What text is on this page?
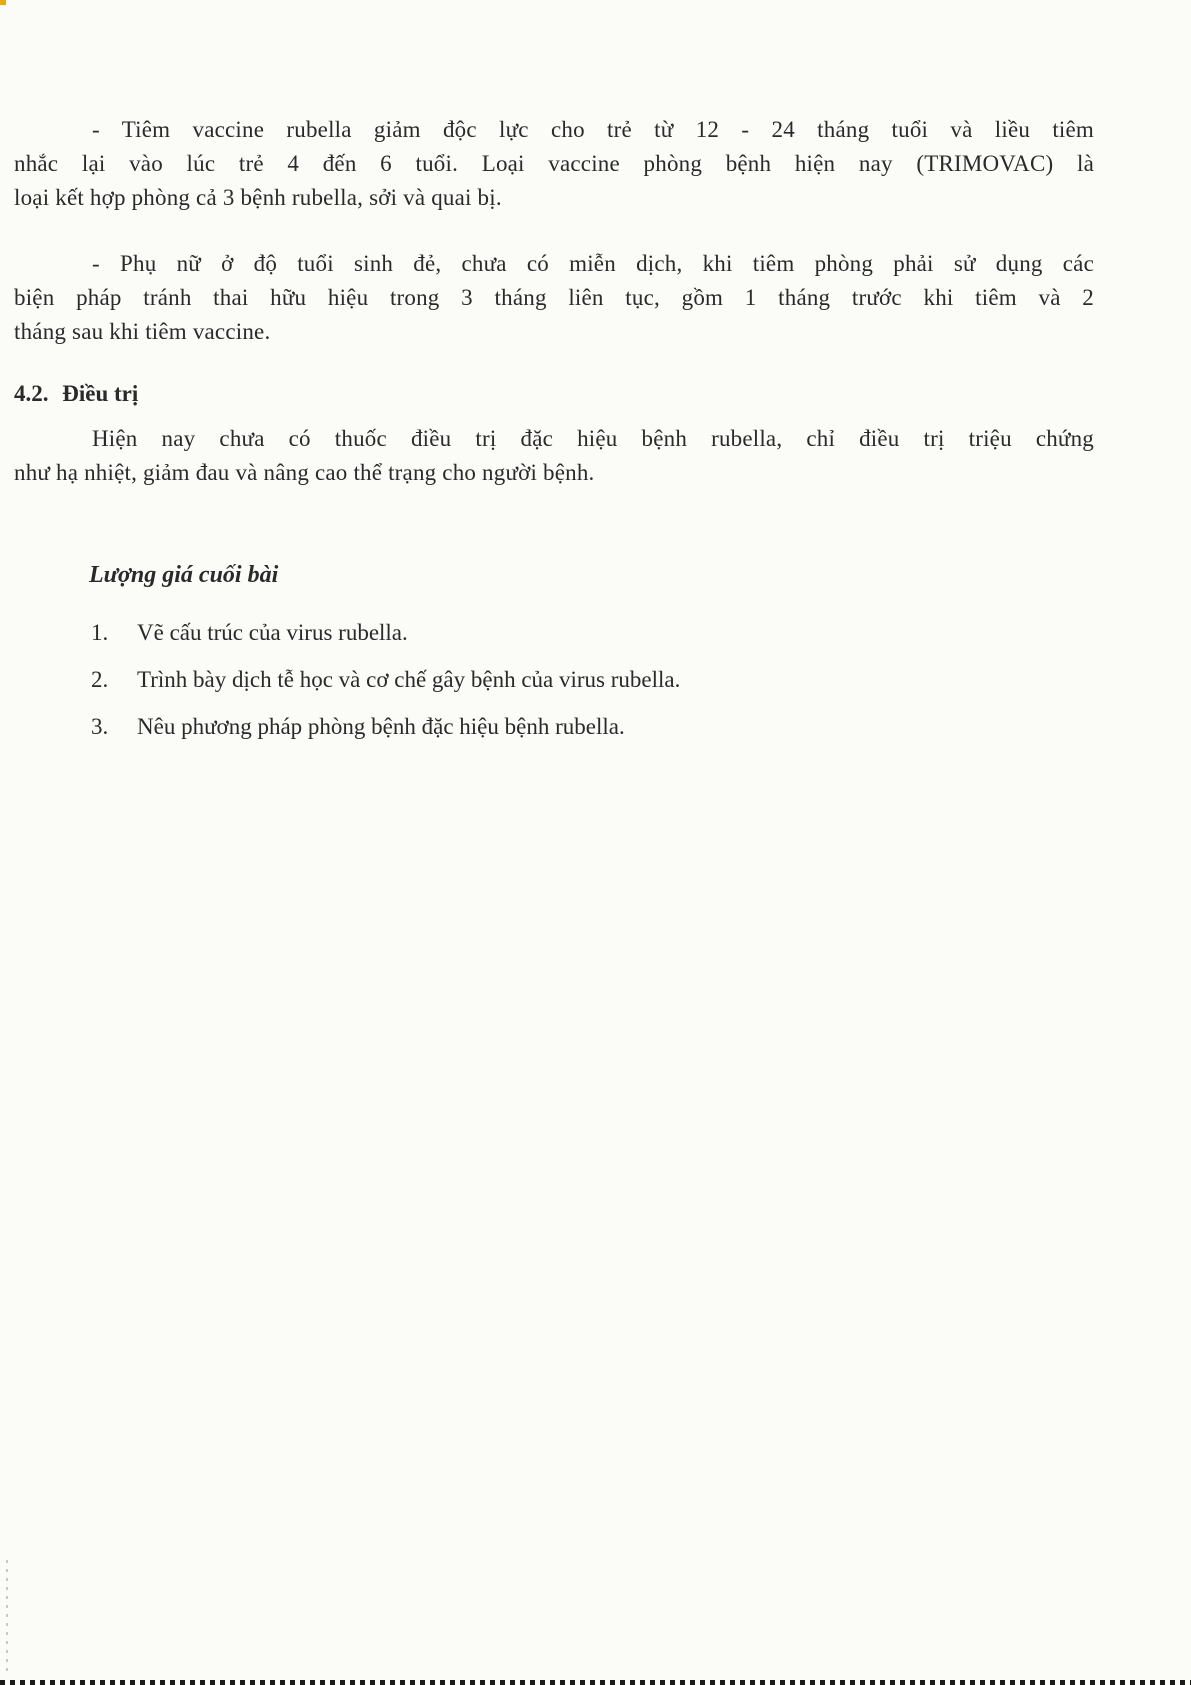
- Tiêm vaccine rubella giảm độc lực cho trẻ từ 12 - 24 tháng tuổi và liều tiêm
nhắc lại vào lúc trẻ 4 đến 6 tuổi. Loại vaccine phòng bệnh hiện nay (TRIMOVAC) là
loại kết hợp phòng cả 3 bệnh rubella, sởi và quai bị.
- Phụ nữ ở độ tuổi sinh đẻ, chưa có miễn dịch, khi tiêm phòng phải sử dụng các
biện pháp tránh thai hữu hiệu trong 3 tháng liên tục, gồm 1 tháng trước khi tiêm và 2
tháng sau khi tiêm vaccine.
4.2. Điều trị
Hiện nay chưa có thuốc điều trị đặc hiệu bệnh rubella, chỉ điều trị triệu chứng
như hạ nhiệt, giảm đau và nâng cao thể trạng cho người bệnh.
Lượng giá cuối bài
1. Vẽ cấu trúc của virus rubella.
2. Trình bày dịch tễ học và cơ chế gây bệnh của virus rubella.
3. Nêu phương pháp phòng bệnh đặc hiệu bệnh rubella.
